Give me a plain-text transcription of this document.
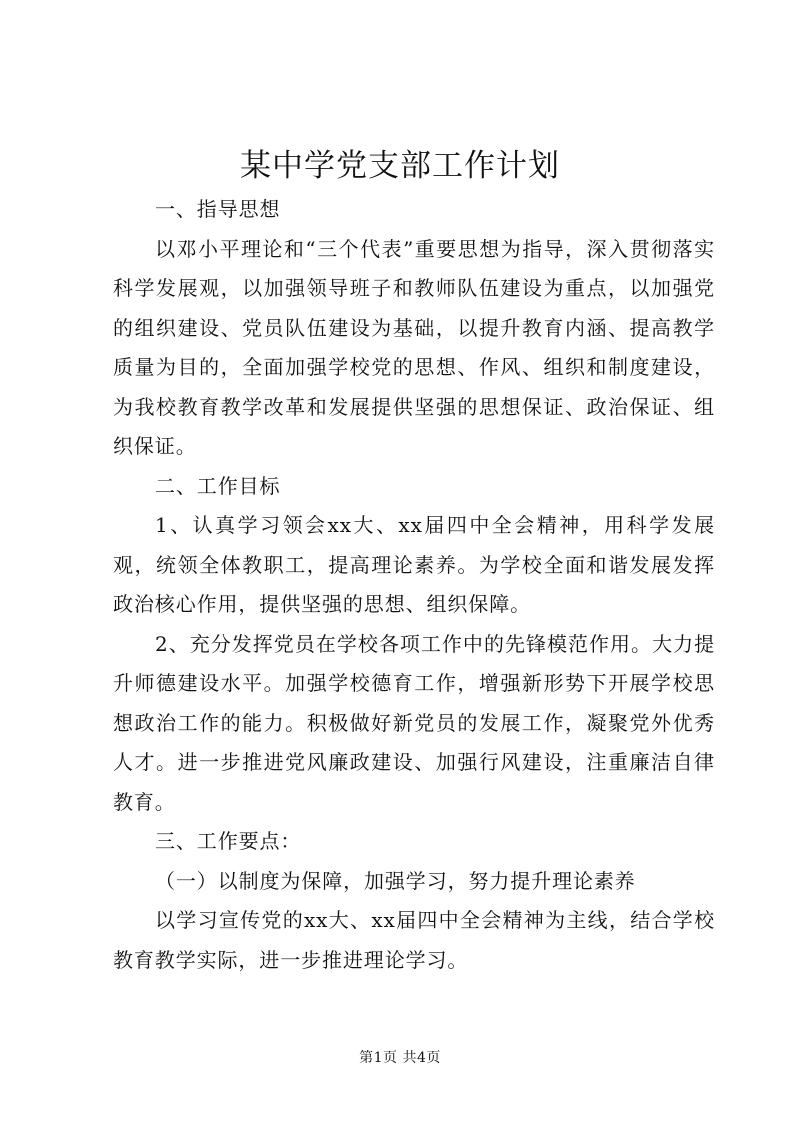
某中学党支部工作计划

一、指导思想

以邓小平理论和“三个代表”重要思想为指导，深入贯彻落实科学发展观，以加强领导班子和教师队伍建设为重点，以加强党的组织建设、党员队伍建设为基础，以提升教育内涵、提高教学质量为目的，全面加强学校党的思想、作风、组织和制度建设，为我校教育教学改革和发展提供坚强的思想保证、政治保证、组织保证。

二、工作目标

1、认真学习领会xx大、xx届四中全会精神，用科学发展观，统领全体教职工，提高理论素养。为学校全面和谐发展发挥政治核心作用，提供坚强的思想、组织保障。

2、充分发挥党员在学校各项工作中的先锋模范作用。大力提升师德建设水平。加强学校德育工作，增强新形势下开展学校思想政治工作的能力。积极做好新党员的发展工作，凝聚党外优秀人才。进一步推进党风廉政建设、加强行风建设，注重廉洁自律教育。

三、工作要点：

（一）以制度为保障，加强学习，努力提升理论素养

以学习宣传党的xx大、xx届四中全会精神为主线，结合学校教育教学实际，进一步推进理论学习。

第1页 共4页
